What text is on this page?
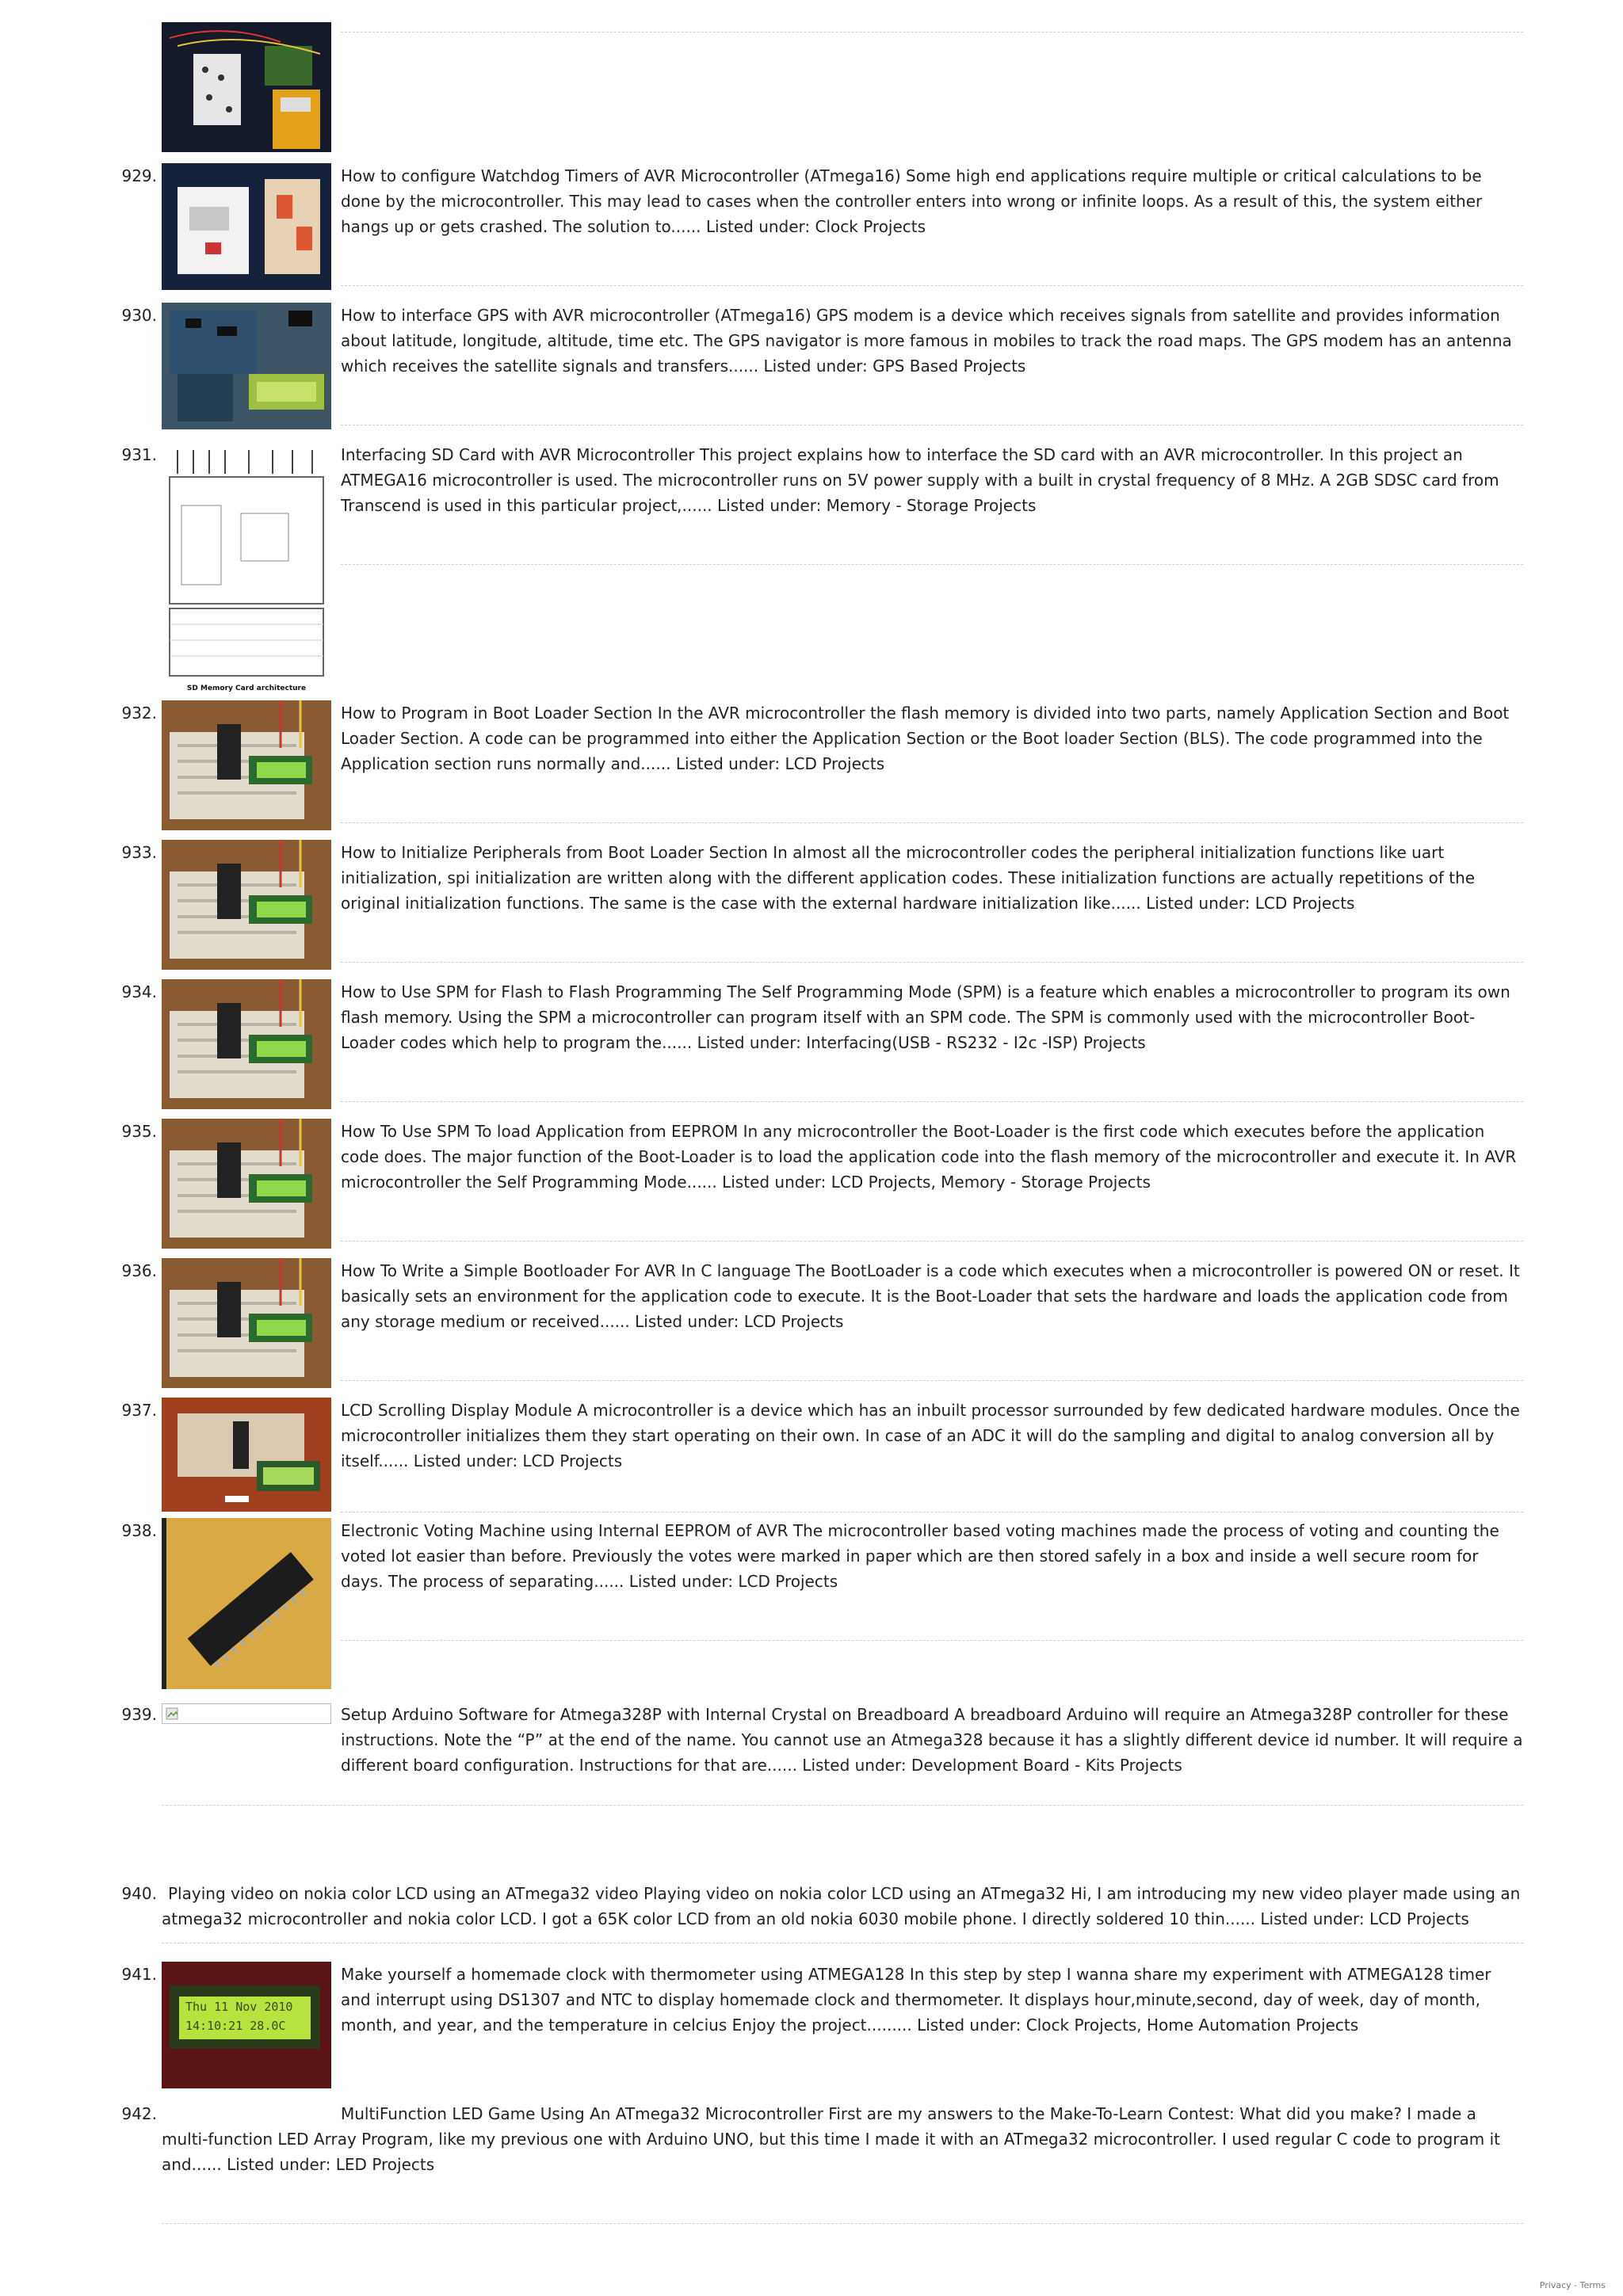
929.	How to configure Watchdog Timers of AVR Microcontroller (ATmega16) Some high end applications require multiple or critical calculations to be done by the microcontroller. This may lead to cases when the controller enters into wrong or infinite loops. As a result of this, the system either hangs up or gets crashed. The solution to...... Listed under: Clock Projects
930.	How to interface GPS with AVR microcontroller (ATmega16) GPS modem is a device which receives signals from satellite and provides information about latitude, longitude, altitude, time etc. The GPS navigator is more famous in mobiles to track the road maps. The GPS modem has an antenna which receives the satellite signals and transfers...... Listed under: GPS Based Projects
931.
SD Memory Card architecture
Interfacing SD Card with AVR Microcontroller This project explains how to interface the SD card with an AVR microcontroller. In this project an ATMEGA16 microcontroller is used. The microcontroller runs on 5V power supply with a built in crystal frequency of 8 MHz. A 2GB SDSC card from Transcend is used in this particular project,...... Listed under: Memory - Storage Projects
932.	How to Program in Boot Loader Section In the AVR microcontroller the flash memory is divided into two parts, namely Application Section and Boot Loader Section. A code can be programmed into either the Application Section or the Boot loader Section (BLS). The code programmed into the Application section runs normally and...... Listed under: LCD Projects
933.	How to Initialize Peripherals from Boot Loader Section In almost all the microcontroller codes the peripheral initialization functions like uart initialization, spi initialization are written along with the different application codes. These initialization functions are actually repetitions of the original initialization functions. The same is the case with the external hardware initialization like...... Listed under: LCD Projects
934.	How to Use SPM for Flash to Flash Programming The Self Programming Mode (SPM) is a feature which enables a microcontroller to program its own flash memory. Using the SPM a microcontroller can program itself with an SPM code. The SPM is commonly used with the microcontroller Boot-Loader codes which help to program the...... Listed under: Interfacing(USB - RS232 - I2c -ISP) Projects
935.	How To Use SPM To load Application from EEPROM In any microcontroller the Boot-Loader is the first code which executes before the application code does. The major function of the Boot-Loader is to load the application code into the flash memory of the microcontroller and execute it. In AVR microcontroller the Self Programming Mode...... Listed under: LCD Projects, Memory - Storage Projects
936.	How To Write a Simple Bootloader For AVR In C language The BootLoader is a code which executes when a microcontroller is powered ON or reset. It basically sets an environment for the application code to execute. It is the Boot-Loader that sets the hardware and loads the application code from any storage medium or received...... Listed under: LCD Projects
937.	LCD Scrolling Display Module A microcontroller is a device which has an inbuilt processor surrounded by few dedicated hardware modules. Once the microcontroller initializes them they start operating on their own. In case of an ADC it will do the sampling and digital to analog conversion all by itself...... Listed under: LCD Projects
938.	Electronic Voting Machine using Internal EEPROM of AVR The microcontroller based voting machines made the process of voting and counting the voted lot easier than before. Previously the votes were marked in paper which are then stored safely in a box and inside a well secure room for days. The process of separating...... Listed under: LCD Projects
939.	Setup Arduino Software for Atmega328P with Internal Crystal on Breadboard A breadboard Arduino will require an Atmega328P controller for these instructions. Note the “P” at the end of the name. You cannot use an Atmega328 because it has a slightly different device id number. It will require a different board configuration. Instructions for that are...... Listed under: Development Board - Kits Projects
940. Playing video on nokia color LCD using an ATmega32 video Playing video on nokia color LCD using an ATmega32 Hi, I am introducing my new video player made using an atmega32 microcontroller and nokia color LCD. I got a 65K color LCD from an old nokia 6030 mobile phone. I directly soldered 10 thin...... Listed under: LCD Projects
941.
Thu 11 Nov 2010
14:10:21 28.0C
Make yourself a homemade clock with thermometer using ATMEGA128 In this step by step I wanna share my experiment with ATMEGA128 timer and interrupt using DS1307 and NTC to display homemade clock and thermometer. It displays hour,minute,second, day of week, day of month, month, and year, and the temperature in celcius Enjoy the project......... Listed under: Clock Projects, Home Automation Projects
942.	MultiFunction LED Game Using An ATmega32 Microcontroller First are my answers to the Make-To-Learn Contest: What did you make? I made a multi-function LED Array Program, like my previous one with Arduino UNO, but this time I made it with an ATmega32 microcontroller. I used regular C code to program it and...... Listed under: LED Projects
Privacy - Terms
